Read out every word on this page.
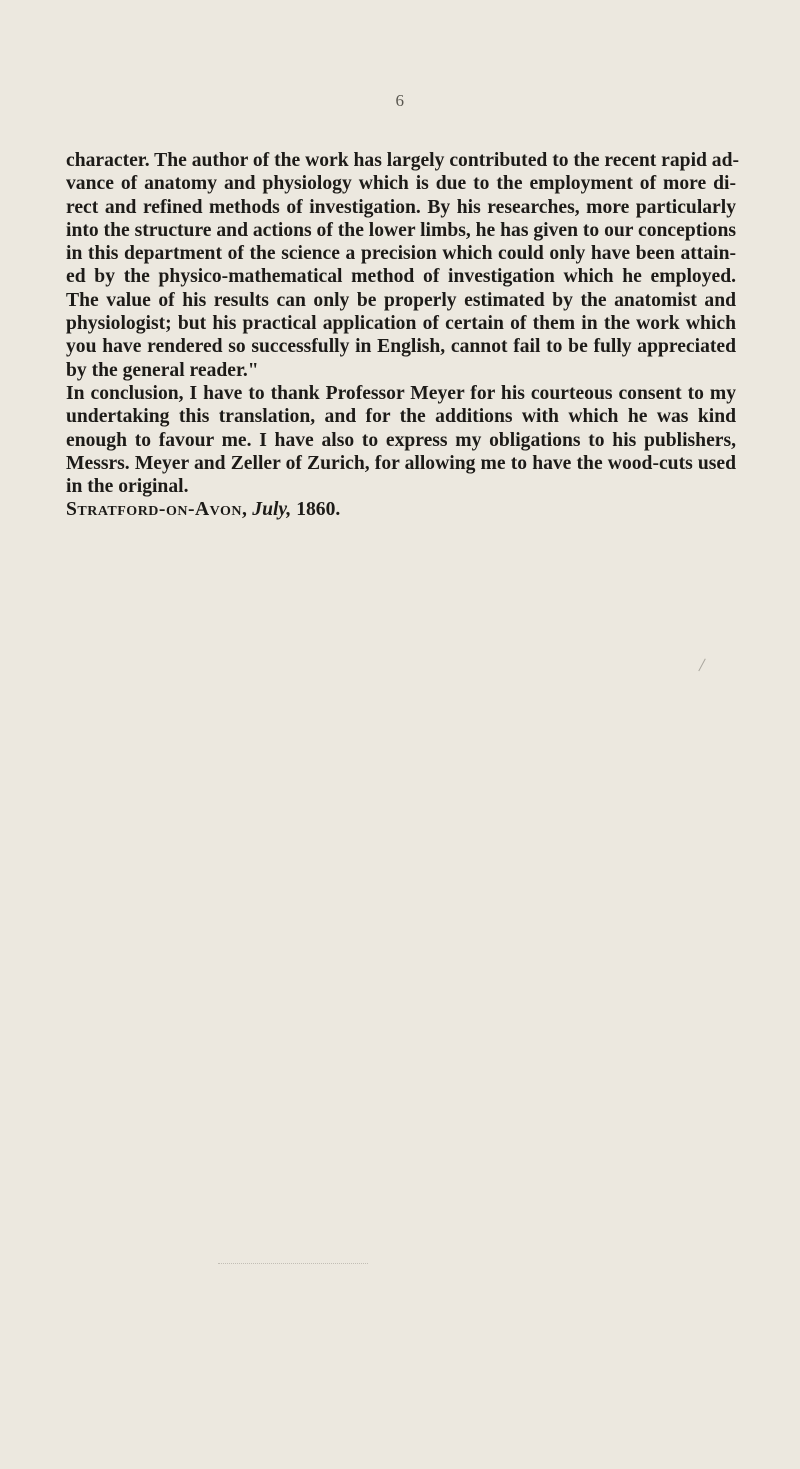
6
character. The author of the work has largely contributed to the recent rapid ad-
vance of anatomy and physiology which is due to the employment of more di-
rect and refined methods of investigation. By his researches, more particularly
into the structure and actions of the lower limbs, he has given to our conceptions
in this department of the science a precision which could only have been attain-
ed by the physico-mathematical method of investigation which he employed.
The value of his results can only be properly estimated by the anatomist and
physiologist; but his practical application of certain of them in the work which
you have rendered so successfully in English, cannot fail to be fully appreciated
by the general reader."
In conclusion, I have to thank Professor Meyer for his courteous consent to my
undertaking this translation, and for the additions with which he was kind
enough to favour me. I have also to express my obligations to his publishers,
Messrs. Meyer and Zeller of Zurich, for allowing me to have the wood-cuts used
in the original.
Stratford-on-Avon, July, 1860.
